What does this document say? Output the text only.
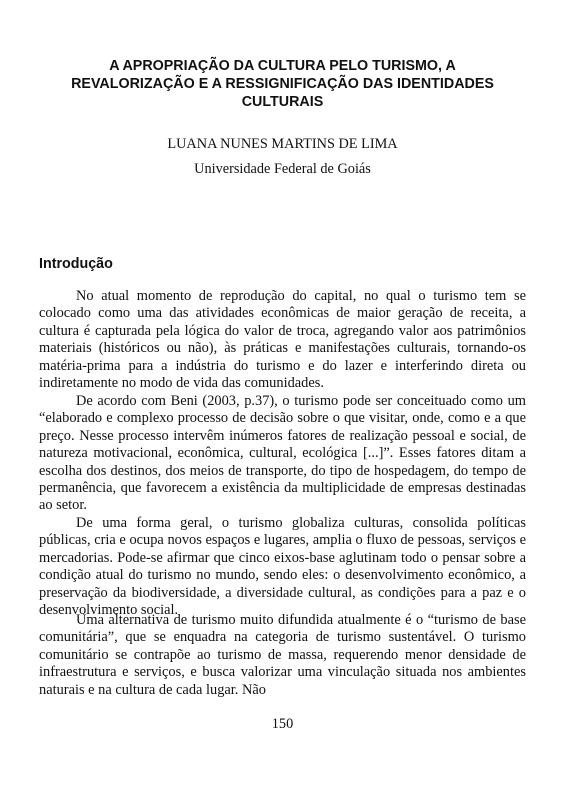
A APROPRIAÇÃO DA CULTURA PELO TURISMO, A
REVALORIZAÇÃO E A RESSIGNIFICAÇÃO DAS IDENTIDADES
CULTURAIS
LUANA NUNES MARTINS DE LIMA
Universidade Federal de Goiás
Introdução

No atual momento de reprodução do capital, no qual o turismo tem se colocado como uma das atividades econômicas de maior geração de receita, a cultura é capturada pela lógica do valor de troca, agregando valor aos patrimônios materiais (históricos ou não), às práticas e manifestações culturais, tornando-os matéria-prima para a indústria do turismo e do lazer e interferindo direta ou indiretamente no modo de vida das comunidades.

De acordo com Beni (2003, p.37), o turismo pode ser conceituado como um “elaborado e complexo processo de decisão sobre o que visitar, onde, como e a que preço. Nesse processo intervêm inúmeros fatores de realização pessoal e social, de natureza motivacional, econômica, cultural, ecológica [...]”. Esses fatores ditam a escolha dos destinos, dos meios de transporte, do tipo de hospedagem, do tempo de permanência, que favorecem a existência da multiplicidade de empresas destinadas ao setor.

De uma forma geral, o turismo globaliza culturas, consolida políticas públicas, cria e ocupa novos espaços e lugares, amplia o fluxo de pessoas, serviços e mercadorias. Pode-se afirmar que cinco eixos-base aglutinam todo o pensar sobre a condição atual do turismo no mundo, sendo eles: o desenvolvimento econômico, a preservação da biodiversidade, a diversidade cultural, as condições para a paz e o desenvolvimento social.

Uma alternativa de turismo muito difundida atualmente é o “turismo de base comunitária”, que se enquadra na categoria de turismo sustentável. O turismo comunitário se contrapõe ao turismo de massa, requerendo menor densidade de infraestrutura e serviços, e busca valorizar uma vinculação situada nos ambientes naturais e na cultura de cada lugar. Não

150
